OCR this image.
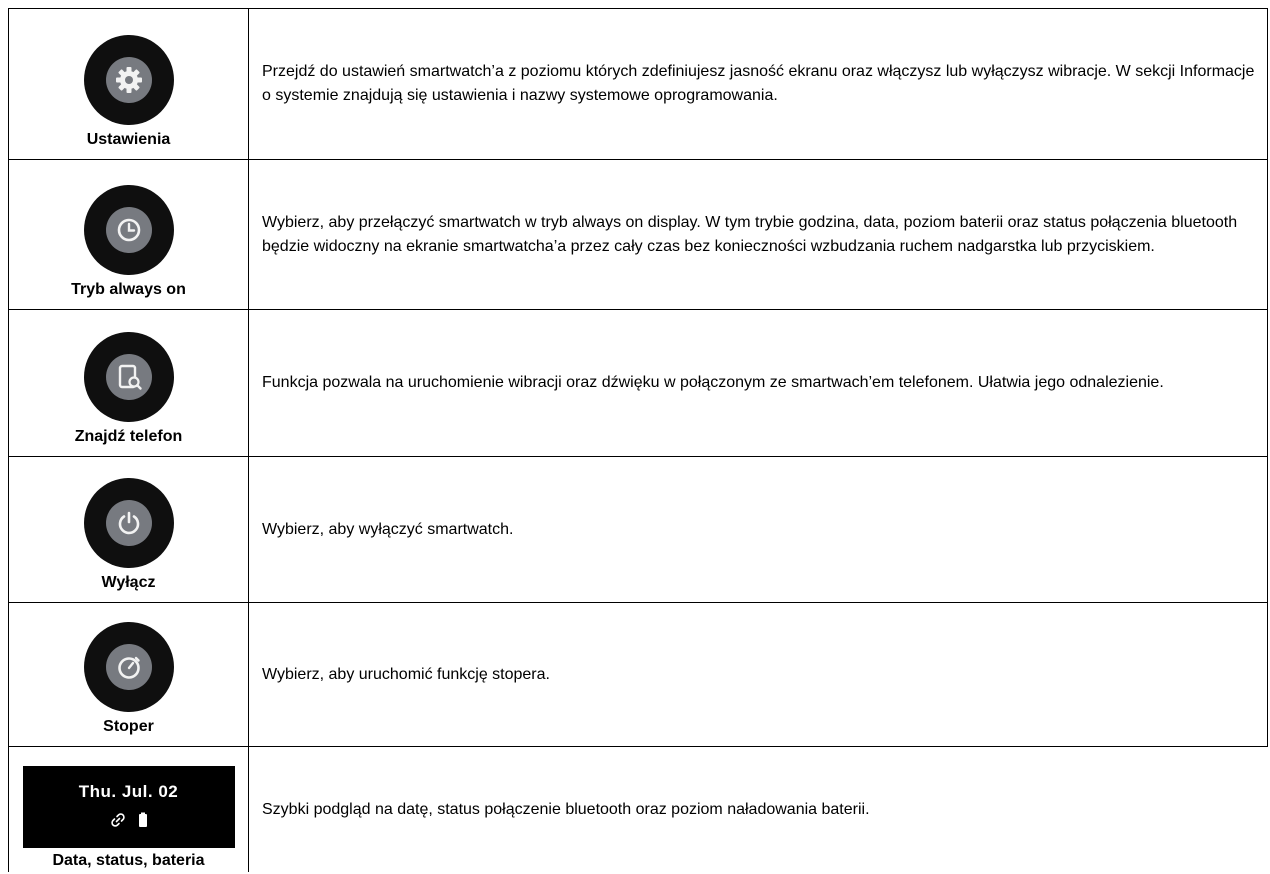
Ustawienia
Przejdź do ustawień smartwatch’a z poziomu których zdefiniujesz jasność ekranu oraz włączysz lub wyłączysz wibracje. W sekcji Informacje o systemie znajdują się ustawienia i nazwy systemowe oprogramowania.
Tryb always on
Wybierz, aby przełączyć smartwatch w tryb always on display. W tym trybie godzina, data, poziom baterii oraz status połączenia bluetooth będzie widoczny na ekranie smartwatcha’a przez cały czas bez konieczności wzbudzania ruchem nadgarstka lub przyciskiem.
Znajdź telefon
Funkcja pozwala na uruchomienie wibracji oraz dźwięku w połączonym ze smartwach’em telefonem. Ułatwia jego odnalezienie.
Wyłącz
Wybierz, aby wyłączyć smartwatch.
Stoper
Wybierz, aby uruchomić funkcję stopera.
Thu. Jul. 02
Data, status, bateria
Szybki podgląd na datę, status połączenie bluetooth oraz poziom naładowania baterii.
